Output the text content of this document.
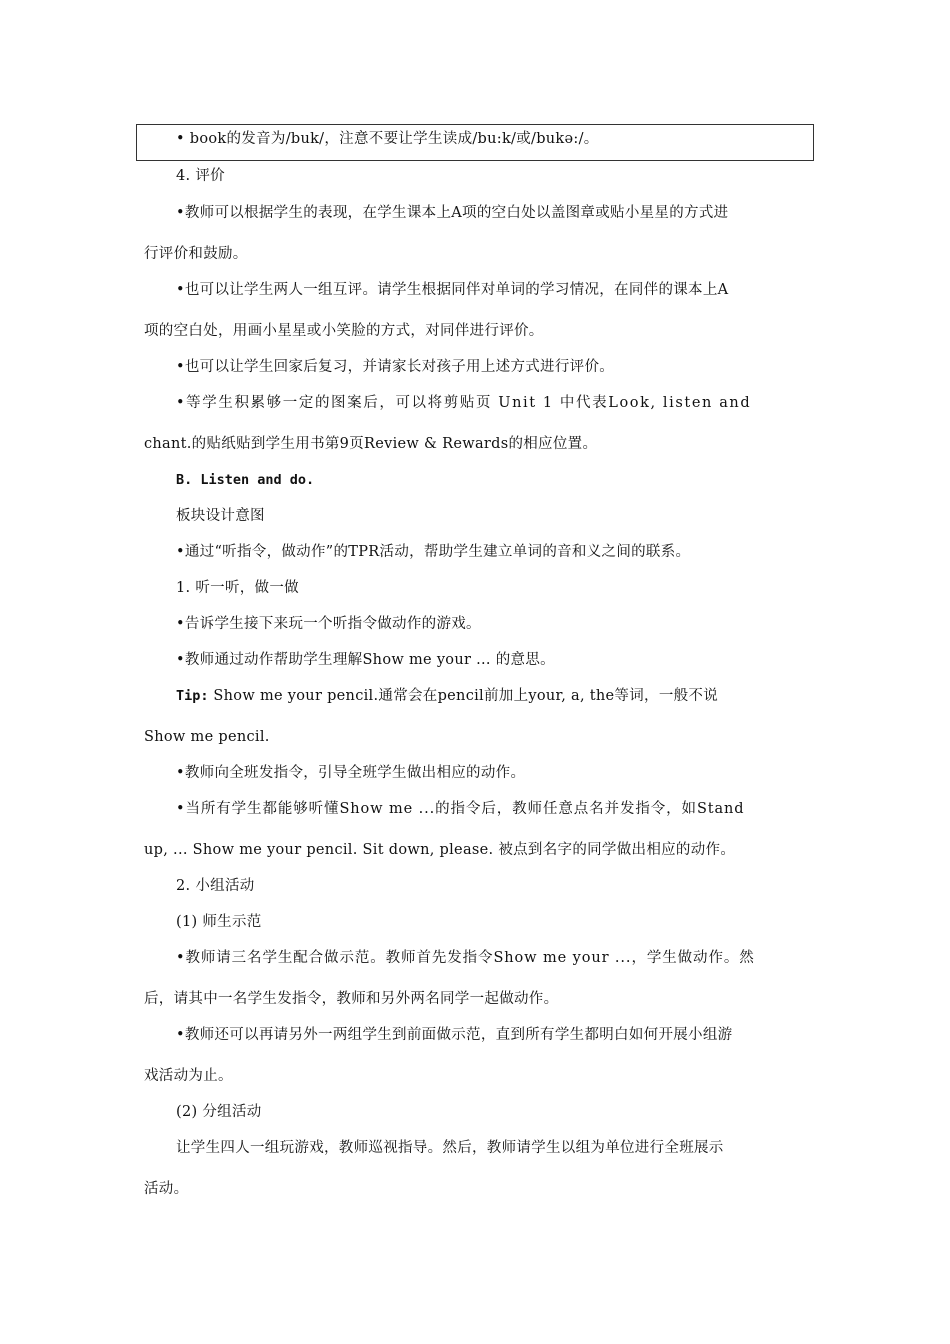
• book的发音为/buk/，注意不要让学生读成/bu:k/或/bukə:/。
4. 评价
•教师可以根据学生的表现，在学生课本上A项的空白处以盖图章或贴小星星的方式进
行评价和鼓励。
•也可以让学生两人一组互评。请学生根据同伴对单词的学习情况，在同伴的课本上A
项的空白处，用画小星星或小笑脸的方式，对同伴进行评价。
•也可以让学生回家后复习，并请家长对孩子用上述方式进行评价。
•等学生积累够一定的图案后，可以将剪贴页 Unit 1 中代表Look, listen and
chant.的贴纸贴到学生用书第9页Review & Rewards的相应位置。
B. Listen and do.
板块设计意图
•通过“听指令，做动作”的TPR活动，帮助学生建立单词的音和义之间的联系。
1. 听一听，做一做
•告诉学生接下来玩一个听指令做动作的游戏。
•教师通过动作帮助学生理解Show me your ... 的意思。
Tip: Show me your pencil.通常会在pencil前加上your, a, the等词，一般不说
Show me pencil.
•教师向全班发指令，引导全班学生做出相应的动作。
•当所有学生都能够听懂Show me ...的指令后，教师任意点名并发指令，如Stand
up, ... Show me your pencil. Sit down, please. 被点到名字的同学做出相应的动作。
2. 小组活动
(1) 师生示范
•教师请三名学生配合做示范。教师首先发指令Show me your ...，学生做动作。然
后，请其中一名学生发指令，教师和另外两名同学一起做动作。
•教师还可以再请另外一两组学生到前面做示范，直到所有学生都明白如何开展小组游
戏活动为止。
(2) 分组活动
让学生四人一组玩游戏，教师巡视指导。然后，教师请学生以组为单位进行全班展示
活动。
